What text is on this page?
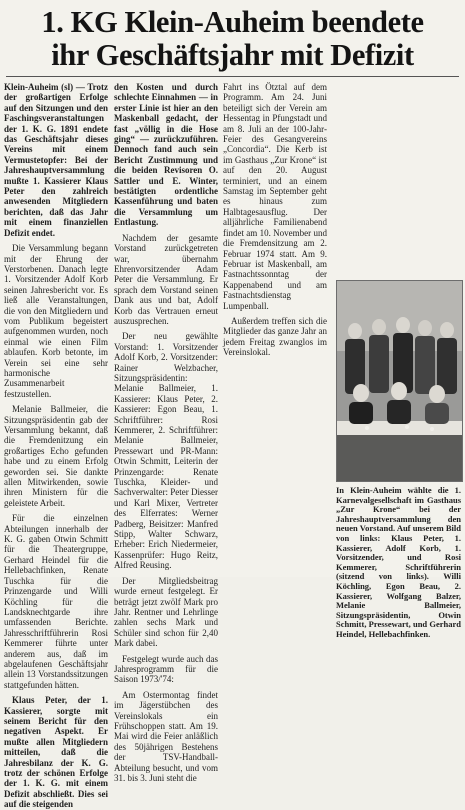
1. KG Klein-Auheim beendete
ihr Geschäftsjahr mit Defizit

Klein-Auheim (sl) — Trotz der großartigen Erfolge auf den Sitzungen und den Faschingsveranstaltungen der 1. K. G. 1891 endete das Geschäftsjahr dieses Vereins mit einem Vermustetopfer: Bei der Jahreshauptversammlung mußte 1. Kassierer Klaus Peter den zahlreich anwesenden Mitgliedern berichten, daß das Jahr mit einem finanziellen Defizit endet.

Die Versammlung begann mit der Ehrung der Verstorbenen. Danach legte 1. Vorsitzender Adolf Korb seinen Jahresbericht vor. Es ließ alle Veranstaltungen, die von den Mitgliedern und vom Publikum begeistert aufgenommen wurden, noch einmal wie einen Film ablaufen. Korb betonte, im Verein sei eine sehr harmonische Zusammenarbeit festzustellen.

Melanie Ballmeier, die Sitzungspräsidentin gab der Versammlung bekannt, daß die Fremdenitzung ein großartiges Echo gefunden habe und zu einem Erfolg geworden sei. Sie dankte allen Mitwirkenden, sowie ihren Ministern für die geleistete Arbeit.

Für die einzelnen Abteilungen innerhalb der K. G. gaben Otwin Schmitt für die Theatergruppe, Gerhard Heindel für die Hellebachfinken, Renate Tuschka für die Prinzengarde und Willi Köchling für die Landsknechtgarde ihre umfassenden Berichte. Jahresschriftführerin Rosi Kemmerer führte unter anderem aus, daß im abgelaufenen Geschäftsjahr allein 13 Vorstandssitzungen stattgefunden hätten.

Klaus Peter, der 1. Kassierer, sorgte mit seinem Bericht für den negativen Aspekt. Er mußte allen Mitgliedern mitteilen, daß die Jahresbilanz der K. G. trotz der schönen Erfolge der 1. K. G. mit einem Defizit abschließt. Dies sei auf die steigenden

den Kosten und durch schlechte Einnahmen — in erster Linie ist hier an den Maskenball gedacht, der fast „völlig in die Hose ging“ — zurückzuführen. Dennoch fand auch sein Bericht Zustimmung und die beiden Revisoren O. Sattler und E. Winter, bestätigten ordentliche Kassenführung und baten die Versammlung um Entlastung.

Nachdem der gesamte Vorstand zurückgetreten war, übernahm Ehrenvorsitzender Adam Peter die Versammlung. Er sprach dem Vorstand seinen Dank aus und bat, Adolf Korb das Vertrauen erneut auszusprechen.

Der neu gewählte Vorstand: 1. Vorsitzender Adolf Korb, 2. Vorsitzender: Rainer Welzbacher, Sitzungspräsidentin: Melanie Ballmeier, 1. Kassierer: Klaus Peter, 2. Kassierer: Egon Beau, 1. Schriftführer: Rosi Kemmerer, 2. Schriftführer: Melanie Ballmeier, Pressewart und PR-Mann: Otwin Schmitt, Leiterin der Prinzengarde: Renate Tuschka, Kleider- und Sachverwalter: Peter Diesser und Karl Mixer, Vertreter des Elferrates: Werner Padberg, Beisitzer: Manfred Stipp, Walter Schwarz, Erheber: Erich Niedermeier, Kassenprüfer: Hugo Reitz, Alfred Reusing.

Der Mitgliedsbeitrag wurde erneut festgelegt. Er beträgt jetzt zwölf Mark pro Jahr. Rentner und Lehrlinge zahlen sechs Mark und Schüler sind schon für 2,40 Mark dabei.

Festgelegt wurde auch das Jahresprogramm für die Saison 1973/'74:

Am Ostermontag findet im Jägerstübchen des Vereinslokals ein Frühschoppen statt. Am 19. Mai wird die Feier anläßlich des 50jährigen Bestehens der TSV-Handball-Abteilung besucht, und vom 31. bis 3. Juni steht die

Fahrt ins Ötztal auf dem Programm. Am 24. Juni beteiligt sich der Verein am Hessentag in Pfungstadt und am 8. Juli an der 100-Jahr-Feier des Gesangvereins „Concordia“. Die Kerb ist im Gasthaus „Zur Krone“ ist auf den 20. August terminiert, und an einem Samstag im September geht es hinaus zum Halbtagesausflug. Der alljährliche Familienabend findet am 10. November und die Fremdensitzung am 2. Februar 1974 statt. Am 9. Februar ist Maskenball, am Fastnachtssonntag der Kappenabend und am Fastnachtsdienstag Lumpenball.

Außerdem treffen sich die Mitglieder das ganze Jahr an jedem Freitag zwanglos im Vereinslokal.

In Klein-Auheim wählte die 1. Karnevalgesellschaft im Gasthaus „Zur Krone“ bei der Jahreshauptversammlung den neuen Vorstand. Auf unserem Bild von links: Klaus Peter, 1. Kassierer, Adolf Korb, 1. Vorsitzender, und Rosi Kemmerer, Schriftführerin (sitzend von links). Willi Köchling, Egon Beau, 2. Kassierer, Wolfgang Balzer, Melanie Ballmeier, Sitzungspräsidentin, Otwin Schmitt, Pressewart, und Gerhard Heindel, Hellebachfinken.
